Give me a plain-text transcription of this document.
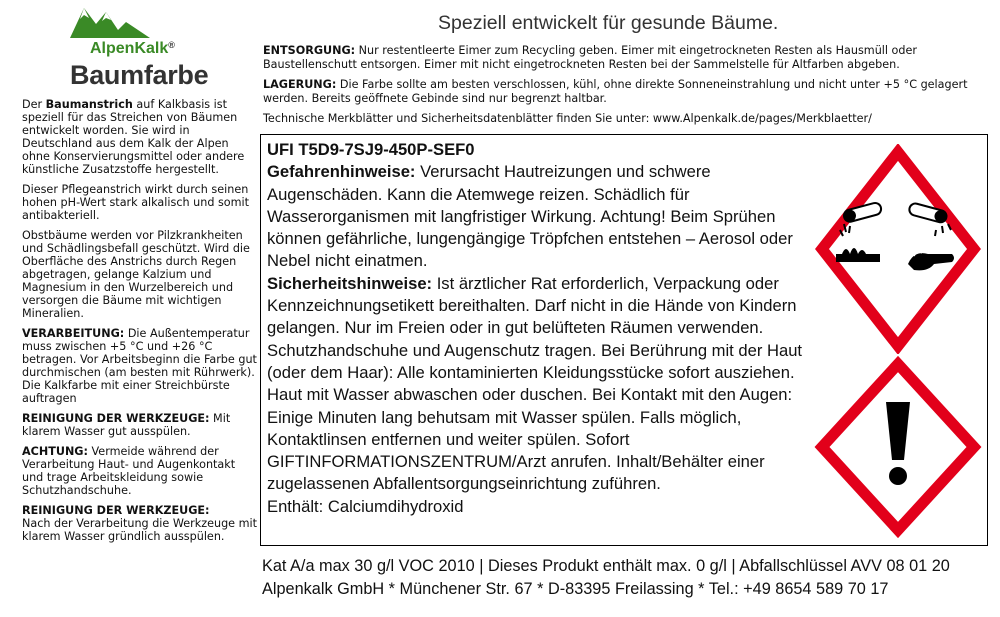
AlpenKalk®
Baumfarbe
Speziell entwickelt für gesunde Bäume.

Der Baumanstrich auf Kalkbasis ist speziell für das Streichen von Bäumen entwickelt worden. Sie wird in Deutschland aus dem Kalk der Alpen ohne Konservierungsmittel oder andere künstliche Zusatzstoffe hergestellt.

Dieser Pflegeanstrich wirkt durch seinen hohen pH-Wert stark alkalisch und somit antibakteriell.

Obstbäume werden vor Pilzkrankheiten und Schädlingsbefall geschützt. Wird die Oberfläche des Anstrichs durch Regen abgetragen, gelange Kalzium und Magnesium in den Wurzelbereich und versorgen die Bäume mit wichtigen Mineralien.

VERARBEITUNG: Die Außentemperatur muss zwischen +5 °C und +26 °C betragen. Vor Arbeitsbeginn die Farbe gut durchmischen (am besten mit Rührwerk). Die Kalkfarbe mit einer Streichbürste auftragen

REINIGUNG DER WERKZEUGE: Mit klarem Wasser gut ausspülen.

ACHTUNG: Vermeide während der Verarbeitung Haut- und Augenkontakt und trage Arbeitskleidung sowie Schutzhandschuhe.

REINIGUNG DER WERKZEUGE:
Nach der Verarbeitung die Werkzeuge mit klarem Wasser gründlich ausspülen.

ENTSORGUNG: Nur restentleerte Eimer zum Recycling geben. Eimer mit eingetrockneten Resten als Hausmüll oder Baustellenschutt entsorgen. Eimer mit nicht eingetrockneten Resten bei der Sammelstelle für Altfarben abgeben.

LAGERUNG: Die Farbe sollte am besten verschlossen, kühl, ohne direkte Sonneneinstrahlung und nicht unter +5 °C gelagert werden. Bereits geöffnete Gebinde sind nur begrenzt haltbar.

Technische Merkblätter und Sicherheitsdatenblätter finden Sie unter: www.Alpenkalk.de/pages/Merkblaetter/

UFI T5D9-7SJ9-450P-SEF0
Gefahrenhinweise: Verursacht Hautreizungen und schwere Augenschäden. Kann die Atemwege reizen. Schädlich für Wasserorganismen mit langfristiger Wirkung. Achtung! Beim Sprühen können gefährliche, lungengängige Tröpfchen entstehen – Aerosol oder Nebel nicht einatmen.
Sicherheitshinweise: Ist ärztlicher Rat erforderlich, Verpackung oder Kennzeichnungsetikett bereithalten. Darf nicht in die Hände von Kindern gelangen. Nur im Freien oder in gut belüfteten Räumen verwenden. Schutzhandschuhe und Augenschutz tragen. Bei Berührung mit der Haut (oder dem Haar): Alle kontaminierten Kleidungsstücke sofort ausziehen. Haut mit Wasser abwaschen oder duschen. Bei Kontakt mit den Augen: Einige Minuten lang behutsam mit Wasser spülen. Falls möglich, Kontaktlinsen entfernen und weiter spülen. Sofort GIFTINFORMATIONSZENTRUM/Arzt anrufen. Inhalt/Behälter einer zugelassenen Abfallentsorgungseinrichtung zuführen.
Enthält: Calciumdihydroxid
Kat A/a max 30 g/l VOC 2010 | Dieses Produkt enthält max. 0 g/l | Abfallschlüssel AVV 08 01 20
Alpenkalk GmbH * Münchener Str. 67 * D-83395 Freilassing * Tel.: +49 8654 589 70 17
